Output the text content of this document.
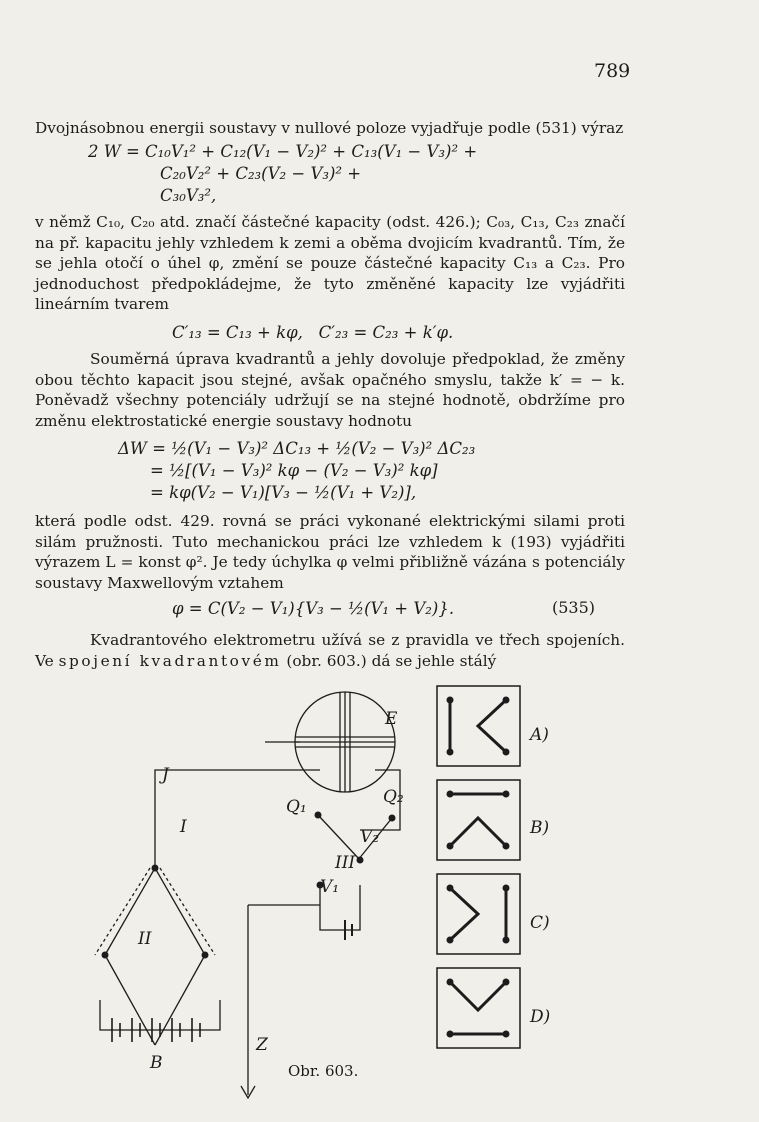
789
Dvojnásobnou energii soustavy v nullové poloze vyjadřuje podle (531) výraz
2 W = C₁₀V₁² + C₁₂(V₁ − V₂)² + C₁₃(V₁ − V₃)² +
C₂₀V₂² + C₂₃(V₂ − V₃)² +
C₃₀V₃²,
v němž C₁₀, C₂₀ atd. značí částečné kapacity (odst. 426.); C₀₃, C₁₃, C₂₃ značí na př. kapacitu jehly vzhledem k zemi a oběma dvojicím kvadrantů. Tím, že se jehla otočí o úhel φ, změní se pouze částečné kapacity C₁₃ a C₂₃. Pro jednoduchost předpokládejme, že tyto změněné kapacity lze vyjádřiti lineárním tvarem
C′₁₃ = C₁₃ + kφ,   C′₂₃ = C₂₃ + k′φ.
Souměrná úprava kvadrantů a jehly dovoluje předpoklad, že změny obou těchto kapacit jsou stejné, avšak opačného smyslu, takže k′ = − k. Poněvadž všechny potenciály udržují se na stejné hodnotě, obdržíme pro změnu elektrostatické energie soustavy hodnotu
ΔW = ½(V₁ − V₃)² ΔC₁₃ + ½(V₂ − V₃)² ΔC₂₃
= ½[(V₁ − V₃)² kφ − (V₂ − V₃)² kφ]
= kφ(V₂ − V₁)[V₃ − ½(V₁ + V₂)],
která podle odst. 429. rovná se práci vykonané elektrickými silami proti silám pružnosti. Tuto mechanickou práci lze vzhledem k (193) vyjádřiti výrazem L = konst φ². Je tedy úchylka φ velmi přibližně vázána s potenciály soustavy Maxwellovým vztahem
φ = C(V₂ − V₁){V₃ − ½(V₁ + V₂)}.	(535)
Kvadrantového elektrometru užívá se z pravidla ve třech spojeních. Ve spojení kvadrantovém (obr. 603.) dá se jehle stálý
E
J
I
II
III
Q₁	Q₂
V₁
V₂
B
Z
A)
B)
C)
D)
Obr. 603.
